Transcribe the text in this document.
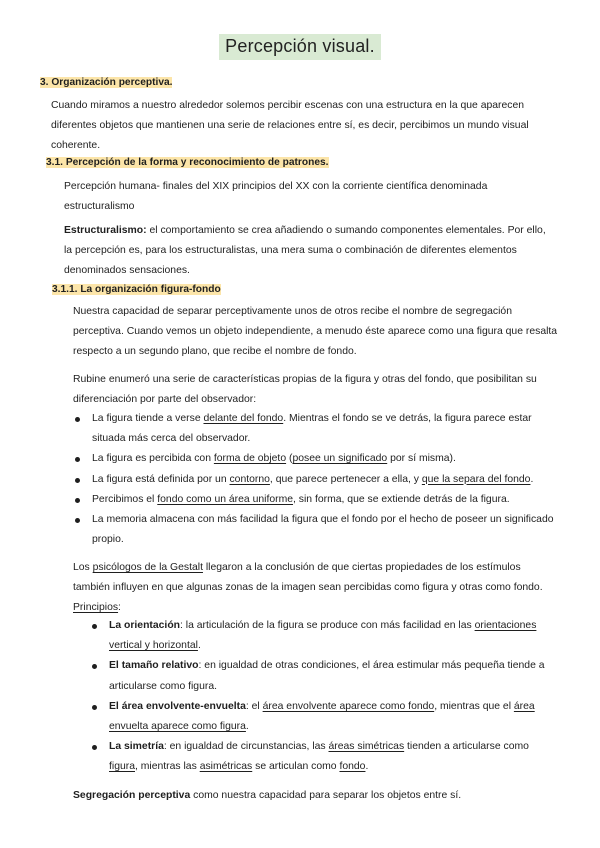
Percepción visual.
3. Organización perceptiva.
Cuando miramos a nuestro alrededor solemos percibir escenas con una estructura en la que aparecen diferentes objetos que mantienen una serie de relaciones entre sí, es decir, percibimos un mundo visual coherente.
3.1. Percepción de la forma y reconocimiento de patrones.
Percepción humana- finales del XIX principios del XX con la corriente científica denominada estructuralismo
Estructuralismo: el comportamiento se crea añadiendo o sumando componentes elementales. Por ello, la percepción es, para los estructuralistas, una mera suma o combinación de diferentes elementos denominados sensaciones.
3.1.1. La organización figura-fondo
Nuestra capacidad de separar perceptivamente unos de otros recibe el nombre de segregación perceptiva. Cuando vemos un objeto independiente, a menudo éste aparece como una figura que resalta respecto a un segundo plano, que recibe el nombre de fondo.
Rubine enumeró una serie de características propias de la figura y otras del fondo, que posibilitan su diferenciación por parte del observador:
La figura tiende a verse delante del fondo. Mientras el fondo se ve detrás, la figura parece estar situada más cerca del observador.
La figura es percibida con forma de objeto (posee un significado por sí misma).
La figura está definida por un contorno, que parece pertenecer a ella, y que la separa del fondo.
Percibimos el fondo como un área uniforme, sin forma, que se extiende detrás de la figura.
La memoria almacena con más facilidad la figura que el fondo por el hecho de poseer un significado propio.
Los psicólogos de la Gestalt llegaron a la conclusión de que ciertas propiedades de los estímulos también influyen en que algunas zonas de la imagen sean percibidas como figura y otras como fondo.
Principios:
La orientación: la articulación de la figura se produce con más facilidad en las orientaciones vertical y horizontal.
El tamaño relativo: en igualdad de otras condiciones, el área estimular más pequeña tiende a articularse como figura.
El área envolvente-envuelta: el área envolvente aparece como fondo, mientras que el área envuelta aparece como figura.
La simetría: en igualdad de circunstancias, las áreas simétricas tienden a articularse como figura, mientras las asimétricas se articulan como fondo.
Segregación perceptiva como nuestra capacidad para separar los objetos entre sí.
